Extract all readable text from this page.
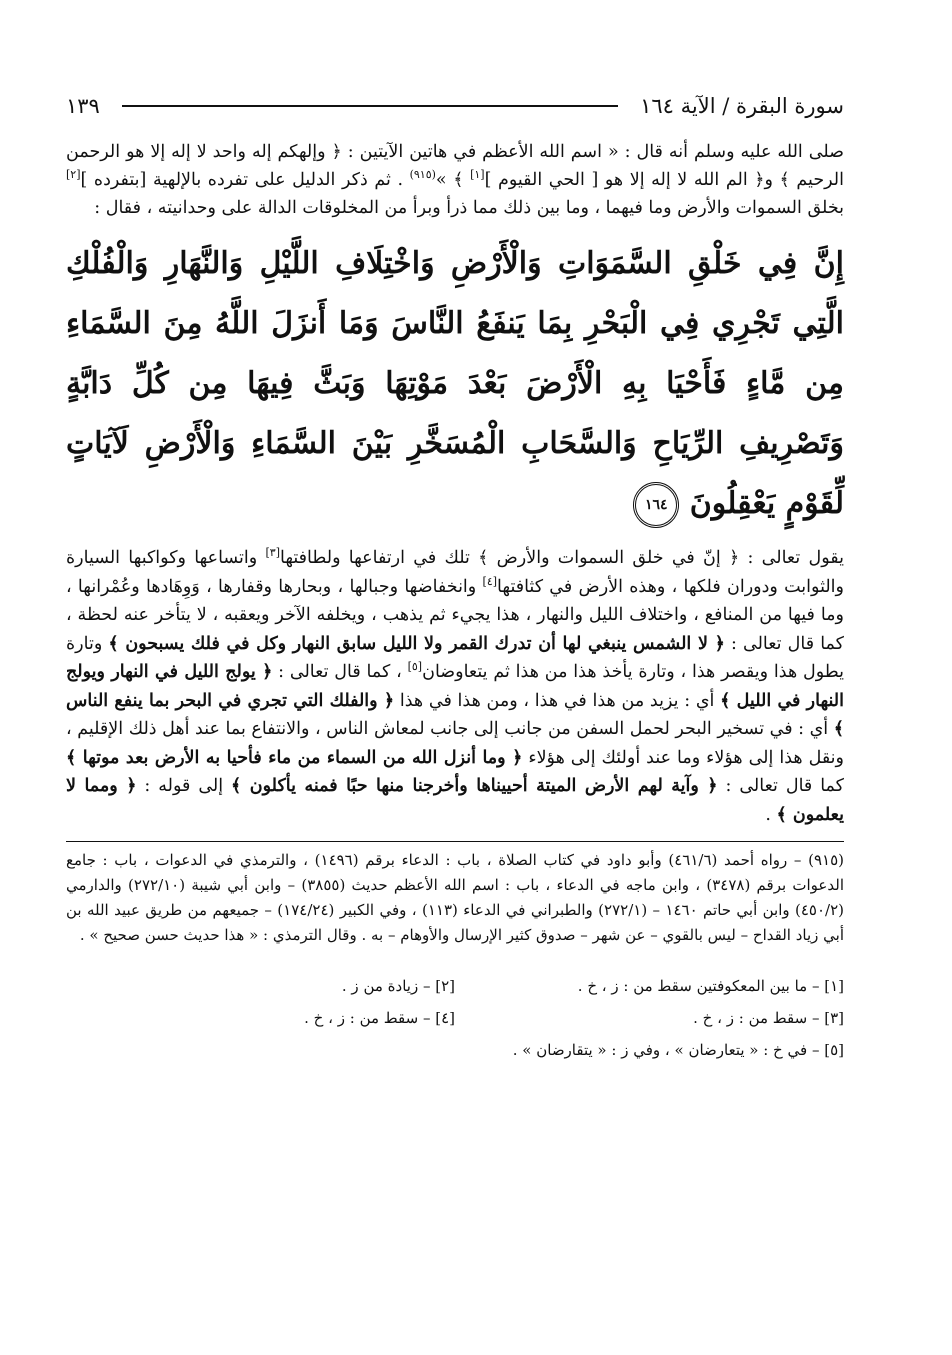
سورة البقرة / الآية ١٦٤
١٣٩
صلى الله عليه وسلم أنه قال : « اسم الله الأعظم في هاتين الآيتين : ﴿ وإلهكم إله واحد لا إله إلا هو الرحمن الرحيم ﴾ و﴿ الم الله لا إله إلا هو [ الحي القيوم ][١] ﴾ »$^{(٩١٥)}$ . ثم ذكر الدليل على تفرده بالإلهية [بتفرده ][٢] بخلق السموات والأرض وما فيهما ، وما بين ذلك مما ذرأ وبرأ من المخلوقات الدالة على وحدانيته ، فقال :
إِنَّ فِي خَلْقِ السَّمَوَاتِ وَالْأَرْضِ وَاخْتِلَافِ اللَّيْلِ وَالنَّهَارِ وَالْفُلْكِ الَّتِي تَجْرِي فِي الْبَحْرِ بِمَا يَنفَعُ النَّاسَ وَمَا أَنزَلَ اللَّهُ مِنَ السَّمَاءِ مِن مَّاءٍ فَأَحْيَا بِهِ الْأَرْضَ بَعْدَ مَوْتِهَا وَبَثَّ فِيهَا مِن كُلِّ دَابَّةٍ وَتَصْرِيفِ الرِّيَاحِ وَالسَّحَابِ الْمُسَخَّرِ بَيْنَ السَّمَاءِ وَالْأَرْضِ لَآيَاتٍ لِّقَوْمٍ يَعْقِلُونَ ١٦٤
يقول تعالى : ﴿ إنّ في خلق السموات والأرض ﴾ تلك في ارتفاعها ولطافتها[٣] واتساعها وكواكبها السيارة والثوابت ودوران فلكها ، وهذه الأرض في كثافتها[٤] وانخفاضها وجبالها ، وبحارها وقفارها ، وَوِهَادها وعُمْرانها ، وما فيها من المنافع ، واختلاف الليل والنهار ، هذا يجيء ثم يذهب ، ويخلفه الآخر ويعقبه ، لا يتأخر عنه لحظة ، كما قال تعالى : ﴿ لا الشمس ينبغي لها أن تدرك القمر ولا الليل سابق النهار وكل في فلك يسبحون ﴾ وتارة يطول هذا ويقصر هذا ، وتارة يأخذ هذا من هذا ثم يتعاوضان[٥] ، كما قال تعالى : ﴿ يولج الليل في النهار ويولج النهار في الليل ﴾ أي : يزيد من هذا في هذا ، ومن هذا في هذا ﴿ والفلك التي تجري في البحر بما ينفع الناس ﴾ أي : في تسخير البحر لحمل السفن من جانب إلى جانب لمعاش الناس ، والانتفاع بما عند أهل ذلك الإقليم ، ونقل هذا إلى هؤلاء وما عند أولئك إلى هؤلاء ﴿ وما أنزل الله من السماء من ماء فأحيا به الأرض بعد موتها ﴾ كما قال تعالى : ﴿ وآية لهم الأرض الميتة أحييناها وأخرجنا منها حبًا فمنه يأكلون ﴾ إلى قوله : ﴿ ومما لا يعلمون ﴾ .
(٩١٥) – رواه أحمد (٤٦١/٦) وأبو داود في كتاب الصلاة ، باب : الدعاء برقم (١٤٩٦) ، والترمذي في الدعوات ، باب : جامع الدعوات برقم (٣٤٧٨) ، وابن ماجه في الدعاء ، باب : اسم الله الأعظم حديث (٣٨٥٥) – وابن أبي شيبة (٢٧٢/١٠) والدارمي (٤٥٠/٢) وابن أبي حاتم ١٤٦٠ – (٢٧٢/١) والطبراني في الدعاء (١١٣) ، وفي الكبير (١٧٤/٢٤) – جميعهم من طريق عبيد الله بن أبي زياد القداح – ليس بالقوي – عن شهر – صدوق كثير الإرسال والأوهام – به . وقال الترمذي : « هذا حديث حسن صحيح » .
[١] – ما بين المعكوفتين سقط من : ز ، خ .
[٢] – زيادة من ز .
[٣] – سقط من : ز ، خ .
[٤] – سقط من : ز ، خ .
[٥] – في خ : « يتعارضان » ، وفي ز : « يتقارضان » .
